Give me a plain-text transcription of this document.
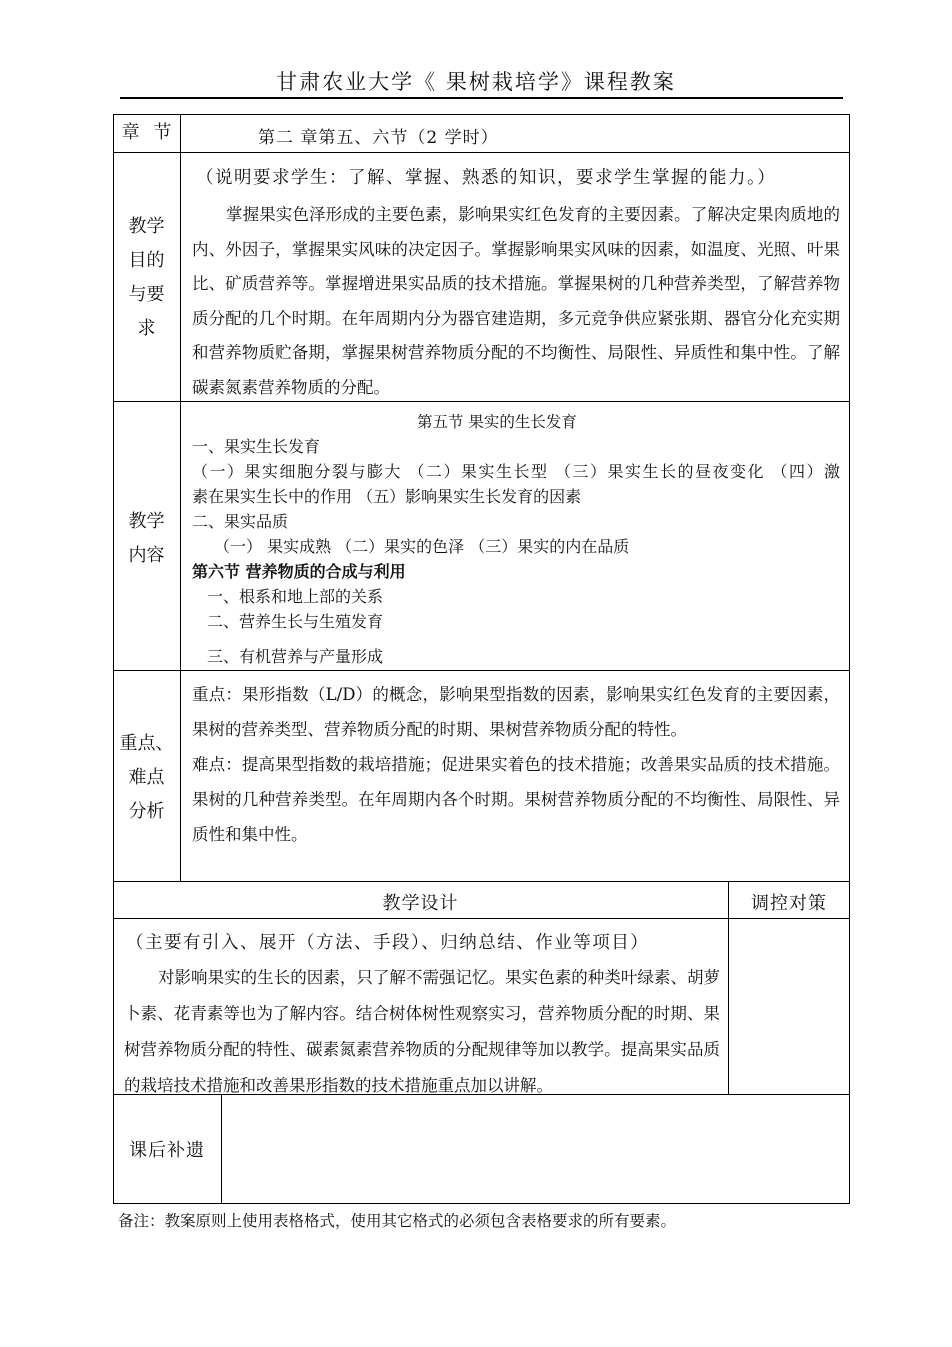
甘肃农业大学《 果树栽培学》课程教案
章 节	第二 章第五、六节（2 学时）
教学
目的
与要
求
（说明要求学生：了解、掌握、熟悉的知识，要求学生掌握的能力。）
掌握果实色泽形成的主要色素，影响果实红色发育的主要因素。了解决定果肉质地的
内、外因子，掌握果实风味的决定因子。掌握影响果实风味的因素，如温度、光照、叶果
比、矿质营养等。掌握增进果实品质的技术措施。掌握果树的几种营养类型，了解营养物
质分配的几个时期。在年周期内分为器官建造期，多元竞争供应紧张期、器官分化充实期
和营养物质贮备期，掌握果树营养物质分配的不均衡性、局限性、异质性和集中性。了解
碳素氮素营养物质的分配。
教学
内容
第五节 果实的生长发育
一、果实生长发育
（一）果实细胞分裂与膨大 （二）果实生长型 （三）果实生长的昼夜变化 （四）激
素在果实生长中的作用 （五）影响果实生长发育的因素
二、果实品质
（一） 果实成熟 （二）果实的色泽 （三）果实的内在品质
第六节 营养物质的合成与利用
一、根系和地上部的关系
二、营养生长与生殖发育
三、有机营养与产量形成
重点、
难点
分析
重点：果形指数（L/D）的概念，影响果型指数的因素，影响果实红色发育的主要因素，
果树的营养类型、营养物质分配的时期、果树营养物质分配的特性。
难点：提高果型指数的栽培措施；促进果实着色的技术措施；改善果实品质的技术措施。
果树的几种营养类型。在年周期内各个时期。果树营养物质分配的不均衡性、局限性、异
质性和集中性。
教学设计	调控对策
（主要有引入、展开（方法、手段）、归纳总结、作业等项目）
对影响果实的生长的因素，只了解不需强记忆。果实色素的种类叶绿素、胡萝
卜素、花青素等也为了解内容。结合树体树性观察实习，营养物质分配的时期、果
树营养物质分配的特性、碳素氮素营养物质的分配规律等加以教学。提高果实品质
的栽培技术措施和改善果形指数的技术措施重点加以讲解。
课后补遗
备注：教案原则上使用表格格式，使用其它格式的必须包含表格要求的所有要素。
